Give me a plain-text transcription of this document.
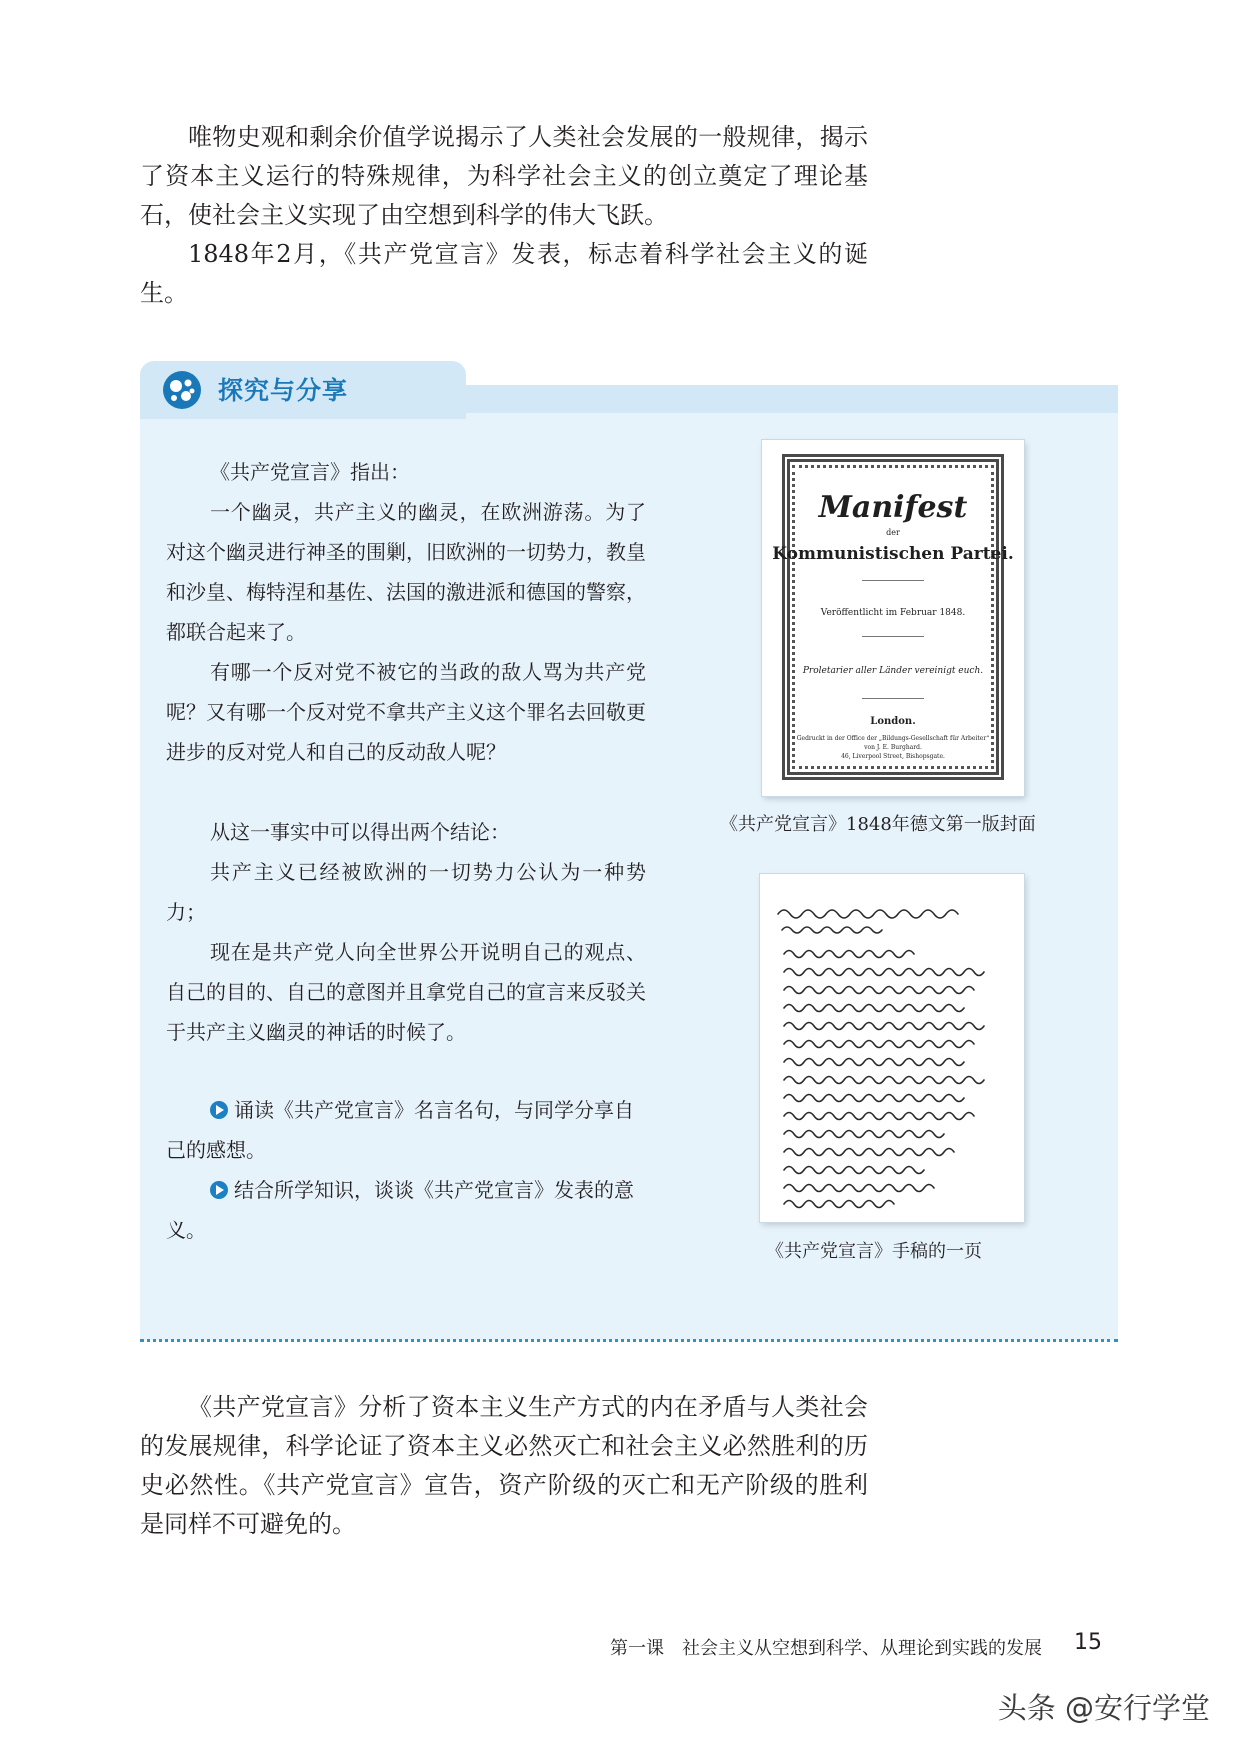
唯物史观和剩余价值学说揭示了人类社会发展的一般规律，揭示了资本主义运行的特殊规律，为科学社会主义的创立奠定了理论基石，使社会主义实现了由空想到科学的伟大飞跃。

1848年2月，《共产党宣言》发表，标志着科学社会主义的诞生。

探究与分享

《共产党宣言》指出：

一个幽灵，共产主义的幽灵，在欧洲游荡。为了对这个幽灵进行神圣的围剿，旧欧洲的一切势力，教皇和沙皇、梅特涅和基佐、法国的激进派和德国的警察，都联合起来了。

有哪一个反对党不被它的当政的敌人骂为共产党呢？又有哪一个反对党不拿共产主义这个罪名去回敬更进步的反对党人和自己的反动敌人呢？

从这一事实中可以得出两个结论：

共产主义已经被欧洲的一切势力公认为一种势力；

现在是共产党人向全世界公开说明自己的观点、自己的目的、自己的意图并且拿党自己的宣言来反驳关于共产主义幽灵的神话的时候了。

诵读《共产党宣言》名言名句，与同学分享自己的感想。

结合所学知识，谈谈《共产党宣言》发表的意义。

Manifest
der
Kommunistischen Partei.
Veröffentlicht im Februar 1848.
Proletarier aller Länder vereinigt euch.
London.
Gedruckt in der Office der „Bildungs-Gesellschaft für Arbeiter“
von J. E. Burghard.
46, Liverpool Street, Bishopsgate.
《共产党宣言》1848年德文第一版封面
《共产党宣言》手稿的一页

《共产党宣言》分析了资本主义生产方式的内在矛盾与人类社会的发展规律，科学论证了资本主义必然灭亡和社会主义必然胜利的历史必然性。《共产党宣言》宣告，资产阶级的灭亡和无产阶级的胜利是同样不可避免的。

第一课　社会主义从空想到科学、从理论到实践的发展 15
头条 @安行学堂
